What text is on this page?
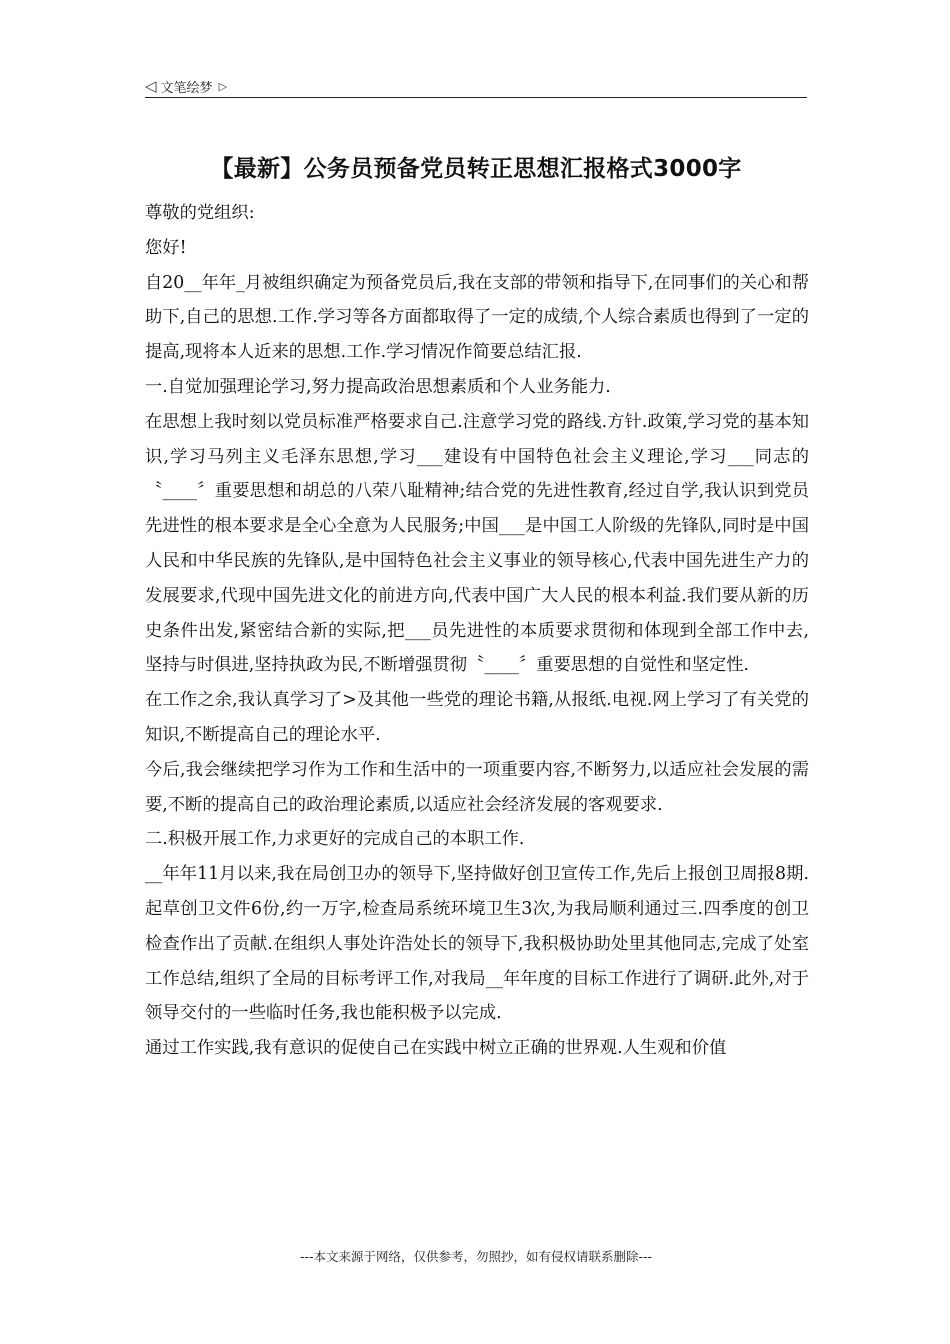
◁ 文笔绘梦 ▷
【最新】公务员预备党员转正思想汇报格式3000字

尊敬的党组织:

您好!

自20__年年_月被组织确定为预备党员后,我在支部的带领和指导下,在同事们的关心和帮助下,自己的思想.工作.学习等各方面都取得了一定的成绩,个人综合素质也得到了一定的提高,现将本人近来的思想.工作.学习情况作简要总结汇报.

一.自觉加强理论学习,努力提高政治思想素质和个人业务能力.

在思想上我时刻以党员标准严格要求自己.注意学习党的路线.方针.政策,学习党的基本知识,学习马列主义毛泽东思想,学习___建设有中国特色社会主义理论,学习___同志的〝____〞重要思想和胡总的八荣八耻精神;结合党的先进性教育,经过自学,我认识到党员先进性的根本要求是全心全意为人民服务;中国___是中国工人阶级的先锋队,同时是中国人民和中华民族的先锋队,是中国特色社会主义事业的领导核心,代表中国先进生产力的发展要求,代现中国先进文化的前进方向,代表中国广大人民的根本利益.我们要从新的历史条件出发,紧密结合新的实际,把___员先进性的本质要求贯彻和体现到全部工作中去,坚持与时俱进,坚持执政为民,不断增强贯彻〝____〞重要思想的自觉性和坚定性.

在工作之余,我认真学习了>及其他一些党的理论书籍,从报纸.电视.网上学习了有关党的知识,不断提高自己的理论水平.

今后,我会继续把学习作为工作和生活中的一项重要内容,不断努力,以适应社会发展的需要,不断的提高自己的政治理论素质,以适应社会经济发展的客观要求.

二.积极开展工作,力求更好的完成自己的本职工作.

__年年11月以来,我在局创卫办的领导下,坚持做好创卫宣传工作,先后上报创卫周报8期.起草创卫文件6份,约一万字,检查局系统环境卫生3次,为我局顺利通过三.四季度的创卫检查作出了贡献.在组织人事处许浩处长的领导下,我积极协助处里其他同志,完成了处室工作总结,组织了全局的目标考评工作,对我局__年年度的目标工作进行了调研.此外,对于领导交付的一些临时任务,我也能积极予以完成.

通过工作实践,我有意识的促使自己在实践中树立正确的世界观.人生观和价值

---本文来源于网络，仅供参考，勿照抄，如有侵权请联系删除---
